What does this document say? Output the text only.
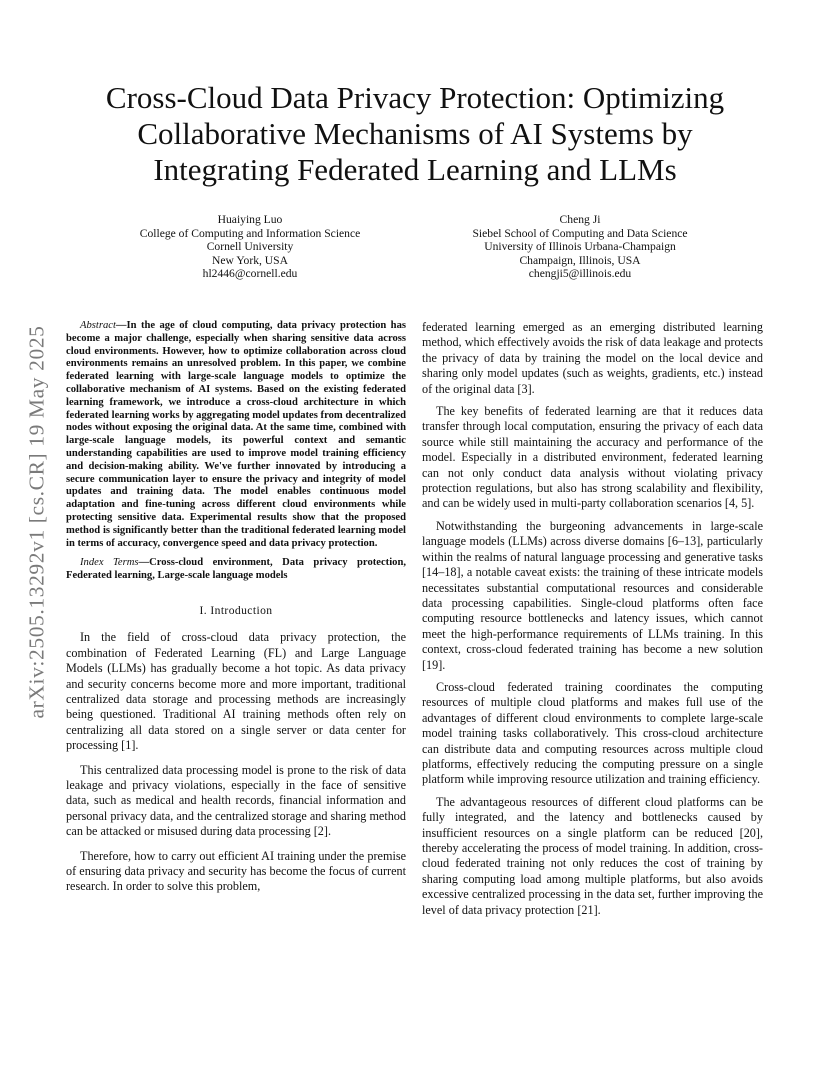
arXiv:2505.13292v1 [cs.CR] 19 May 2025
Cross-Cloud Data Privacy Protection: Optimizing Collaborative Mechanisms of AI Systems by Integrating Federated Learning and LLMs
Huaiying Luo
College of Computing and Information Science
Cornell University
New York, USA
hl2446@cornell.edu
Cheng Ji
Siebel School of Computing and Data Science
University of Illinois Urbana-Champaign
Champaign, Illinois, USA
chengji5@illinois.edu

Abstract—In the age of cloud computing, data privacy protection has become a major challenge, especially when sharing sensitive data across cloud environments. However, how to optimize collaboration across cloud environments remains an unresolved problem. In this paper, we combine federated learning with large-scale language models to optimize the collaborative mechanism of AI systems. Based on the existing federated learning framework, we introduce a cross-cloud architecture in which federated learning works by aggregating model updates from decentralized nodes without exposing the original data. At the same time, combined with large-scale language models, its powerful context and semantic understanding capabilities are used to improve model training efficiency and decision-making ability. We've further innovated by introducing a secure communication layer to ensure the privacy and integrity of model updates and training data. The model enables continuous model adaptation and fine-tuning across different cloud environments while protecting sensitive data. Experimental results show that the proposed method is significantly better than the traditional federated learning model in terms of accuracy, convergence speed and data privacy protection.

Index Terms—Cross-cloud environment, Data privacy protection, Federated learning, Large-scale language models

I. Introduction

In the field of cross-cloud data privacy protection, the combination of Federated Learning (FL) and Large Language Models (LLMs) has gradually become a hot topic. As data privacy and security concerns become more and more important, traditional centralized data storage and processing methods are increasingly being questioned. Traditional AI training methods often rely on centralizing all data stored on a single server or data center for processing [1].

This centralized data processing model is prone to the risk of data leakage and privacy violations, especially in the face of sensitive data, such as medical and health records, financial information and personal privacy data, and the centralized storage and sharing method can be attacked or misused during data processing [2].

Therefore, how to carry out efficient AI training under the premise of ensuring data privacy and security has become the focus of current research. In order to solve this problem,

federated learning emerged as an emerging distributed learning method, which effectively avoids the risk of data leakage and protects the privacy of data by training the model on the local device and sharing only model updates (such as weights, gradients, etc.) instead of the original data [3].

The key benefits of federated learning are that it reduces data transfer through local computation, ensuring the privacy of each data source while still maintaining the accuracy and performance of the model. Especially in a distributed environment, federated learning can not only conduct data analysis without violating privacy protection regulations, but also has strong scalability and flexibility, and can be widely used in multi-party collaboration scenarios [4, 5].

Notwithstanding the burgeoning advancements in large-scale language models (LLMs) across diverse domains [6–13], particularly within the realms of natural language processing and generative tasks [14–18], a notable caveat exists: the training of these intricate models necessitates substantial computational resources and considerable data processing capabilities. Single-cloud platforms often face computing resource bottlenecks and latency issues, which cannot meet the high-performance requirements of LLMs training. In this context, cross-cloud federated training has become a new solution [19].

Cross-cloud federated training coordinates the computing resources of multiple cloud platforms and makes full use of the advantages of different cloud environments to complete large-scale model training tasks collaboratively. This cross-cloud architecture can distribute data and computing resources across multiple cloud platforms, effectively reducing the computing pressure on a single platform while improving resource utilization and training efficiency.

The advantageous resources of different cloud platforms can be fully integrated, and the latency and bottlenecks caused by insufficient resources on a single platform can be reduced [20], thereby accelerating the process of model training. In addition, cross-cloud federated training not only reduces the cost of training by sharing computing load among multiple platforms, but also avoids excessive centralized processing in the data set, further improving the level of data privacy protection [21].
